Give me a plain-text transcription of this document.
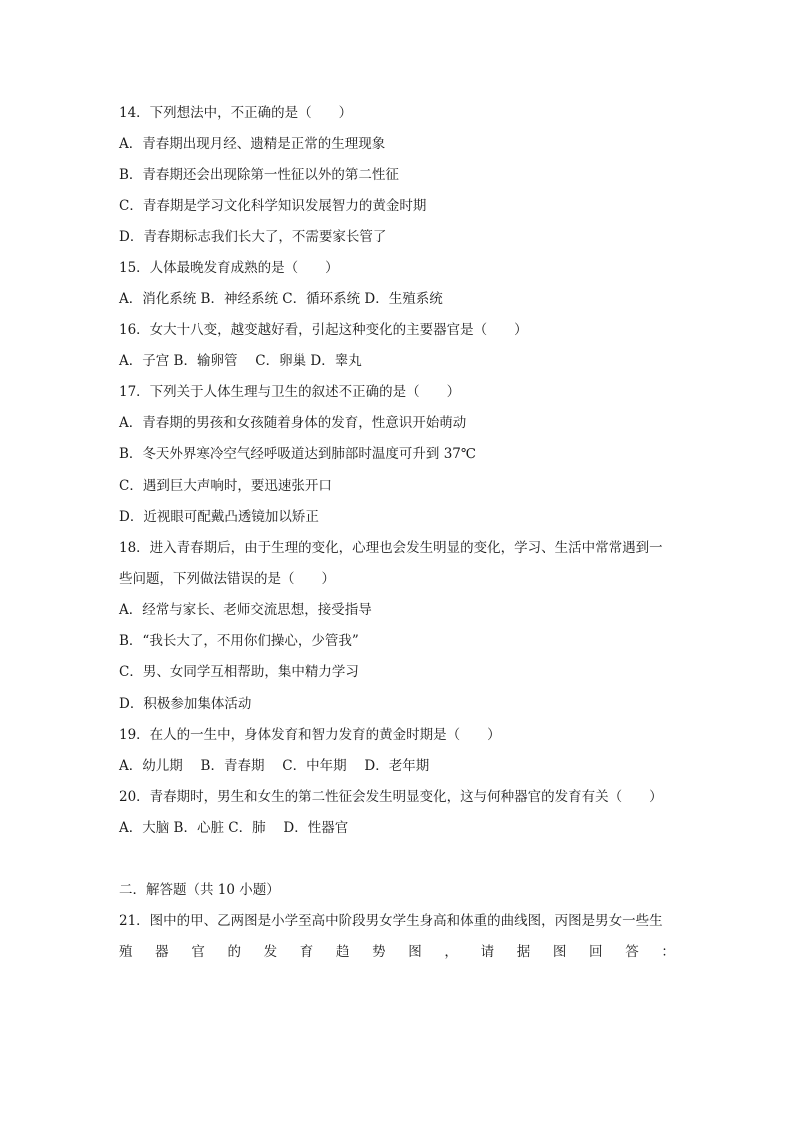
14．下列想法中，不正确的是（　　）
A．青春期出现月经、遗精是正常的生理现象
B．青春期还会出现除第一性征以外的第二性征
C．青春期是学习文化科学知识发展智力的黄金时期
D．青春期标志我们长大了，不需要家长管了
15．人体最晚发育成熟的是（　　）
A．消化系统 B．神经系统 C．循环系统 D．生殖系统
16．女大十八变，越变越好看，引起这种变化的主要器官是（　　）
A．子宫 B．输卵管　 C．卵巢 D．睾丸
17．下列关于人体生理与卫生的叙述不正确的是（　　）
A．青春期的男孩和女孩随着身体的发育，性意识开始萌动
B．冬天外界寒冷空气经呼吸道达到肺部时温度可升到 37℃
C．遇到巨大声响时，要迅速张开口
D．近视眼可配戴凸透镜加以矫正
18．进入青春期后，由于生理的变化，心理也会发生明显的变化，学习、生活中常常遇到一
些问题，下列做法错误的是（　　）
A．经常与家长、老师交流思想，接受指导
B．“我长大了，不用你们操心，少管我”
C．男、女同学互相帮助，集中精力学习
D．积极参加集体活动
19．在人的一生中，身体发育和智力发育的黄金时期是（　　）
A．幼儿期　 B．青春期　 C．中年期　 D．老年期
20．青春期时，男生和女生的第二性征会发生明显变化，这与何种器官的发育有关（　　）
A．大脑 B．心脏 C．肺　 D．性器官
二．解答题（共 10 小题）
21．图中的甲、乙两图是小学至高中阶段男女学生身高和体重的曲线图，丙图是男女一些生
殖 器 官 的 发 育 趋 势 图 ， 请 据 图 回 答 ：
